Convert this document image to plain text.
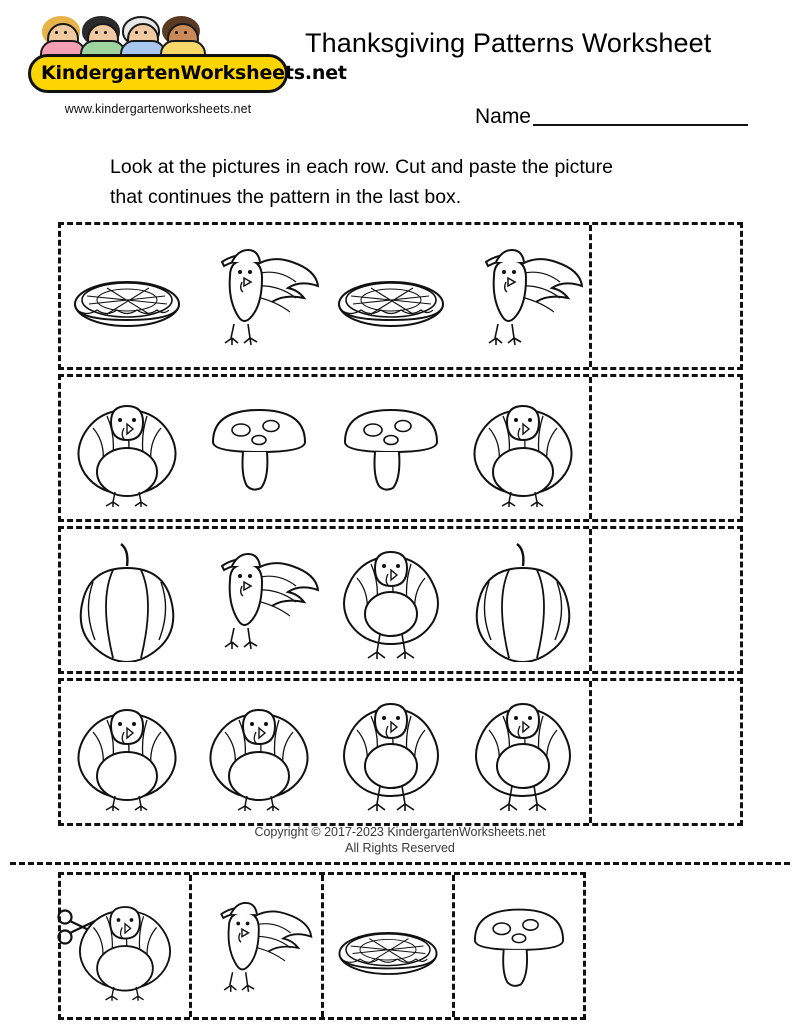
KindergartenWorksheets.net
www.kindergartenworksheets.net
Thanksgiving Patterns Worksheet
Name
Look at the pictures in each row. Cut and paste the picture
that continues the pattern in the last box.
Copyright © 2017-2023 KindergartenWorksheets.net
All Rights Reserved
